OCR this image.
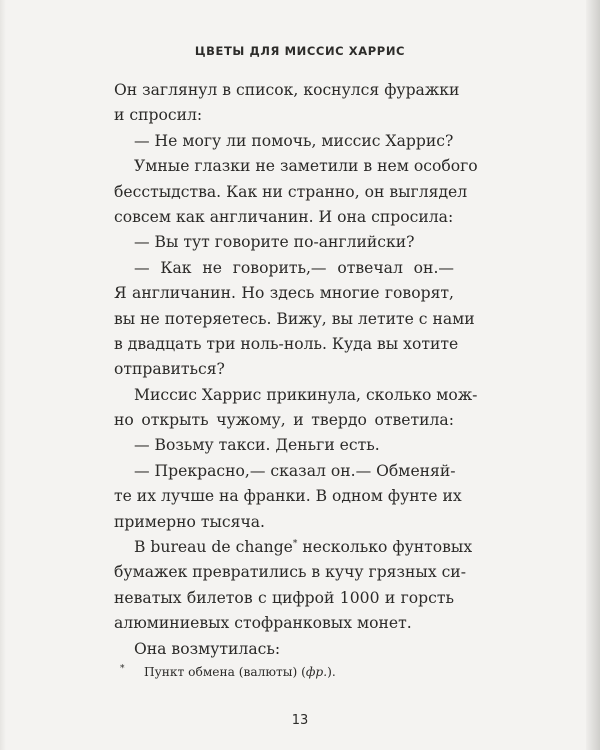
ЦВЕТЫ ДЛЯ МИССИС ХАРРИС
Он заглянул в список, коснулся фуражки
и спросил:
— Не могу ли помочь, миссис Харрис?
Умные глазки не заметили в нем особого
бесстыдства. Как ни странно, он выглядел
совсем как англичанин. И она спросила:
— Вы тут говорите по-английски?
— Как не говорить,— отвечал он.—
Я англичанин. Но здесь многие говорят,
вы не потеряетесь. Вижу, вы летите с нами
в двадцать три ноль-ноль. Куда вы хотите
отправиться?
Миссис Харрис прикинула, сколько мож-
но открыть чужому, и твердо ответила:
— Возьму такси. Деньги есть.
— Прекрасно,— сказал он.— Обменяй-
те их лучше на франки. В одном фунте их
примерно тысяча.
В bureau de change* несколько фунтовых
бумажек превратились в кучу грязных си-
неватых билетов с цифрой 1000 и горсть
алюминиевых стофранковых монет.
Она возмутилась:
* Пункт обмена (валюты) (фр.).
13
